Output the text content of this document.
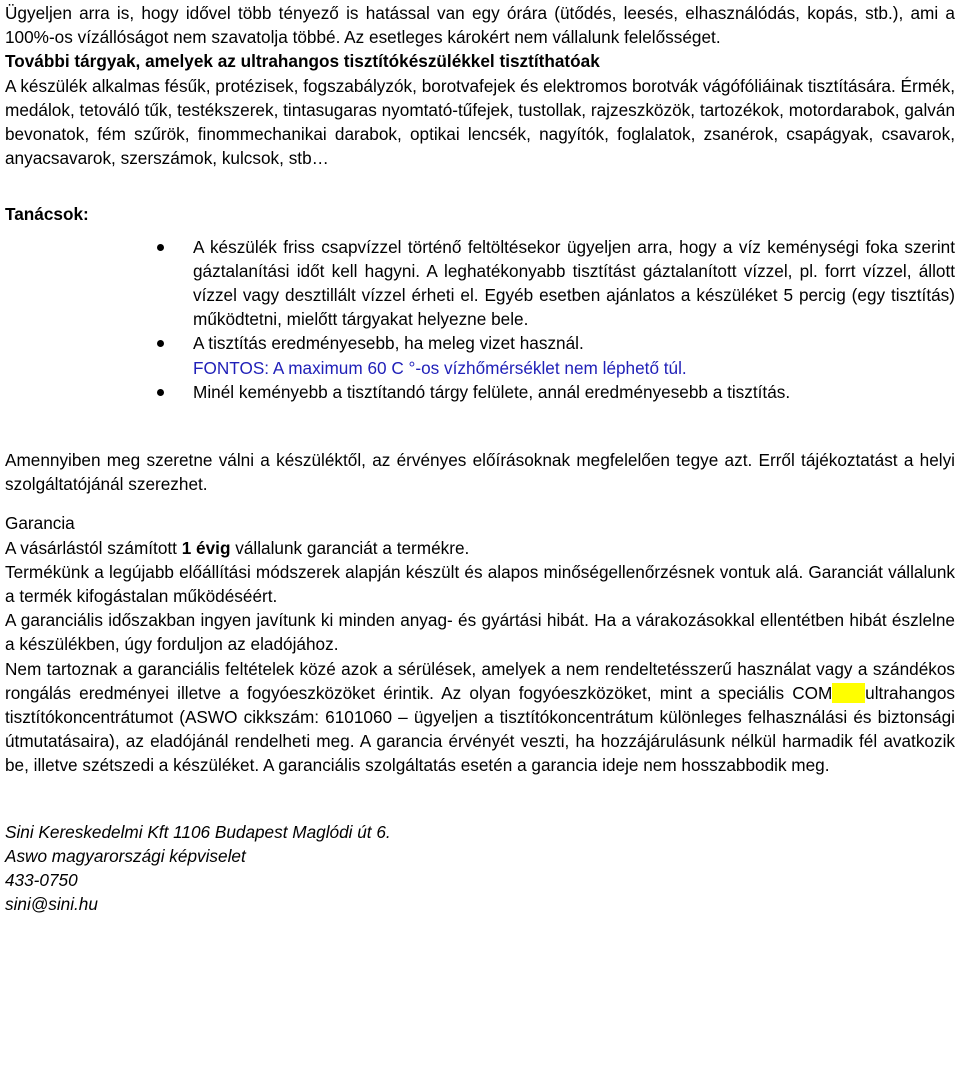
Ügyeljen arra is, hogy idővel több tényező is hatással van egy órára (ütődés, leesés, elhasználódás, kopás, stb.), ami a 100%-os vízállóságot nem szavatolja többé. Az esetleges károkért nem vállalunk felelősséget.

További tárgyak, amelyek az ultrahangos tisztítókészülékkel tisztíthatóak

A készülék alkalmas fésűk, protézisek, fogszabályzók, borotvafejek és elektromos borotvák vágófóliáinak tisztítására. Érmék, medálok, tetováló tűk, testékszerek, tintasugaras nyomtató-tűfejek, tustollak, rajzeszközök, tartozékok, motordarabok, galván bevonatok, fém szűrök, finommechanikai darabok, optikai lencsék, nagyítók, foglalatok, zsanérok, csapágyak, csavarok, anyacsavarok, szerszámok, kulcsok, stb…

Tanácsok:

A készülék friss csapvízzel történő feltöltésekor ügyeljen arra, hogy a víz keménységi foka szerint gáztalanítási időt kell hagyni. A leghatékonyabb tisztítást gáztalanított vízzel, pl. forrt vízzel, állott vízzel vagy desztillált vízzel érheti el. Egyéb esetben ajánlatos a készüléket 5 percig (egy tisztítás) működtetni, mielőtt tárgyakat helyezne bele.
A tisztítás eredményesebb, ha meleg vizet használ.
FONTOS: A maximum 60 C °-os vízhőmérséklet nem léphető túl.
Minél keményebb a tisztítandó tárgy felülete, annál eredményesebb a tisztítás.

Amennyiben meg szeretne válni a készüléktől, az érvényes előírásoknak megfelelően tegye azt. Erről tájékoztatást a helyi szolgáltatójánál szerezhet.

Garancia

A vásárlástól számított 1 évig vállalunk garanciát a termékre.

Termékünk a legújabb előállítási módszerek alapján készült és alapos minőségellenőrzésnek vontuk alá. Garanciát vállalunk a termék kifogástalan működéséért.

A garanciális időszakban ingyen javítunk ki minden anyag- és gyártási hibát. Ha a várakozásokkal ellentétben hibát észlelne a készülékben, úgy forduljon az eladójához.

Nem tartoznak a garanciális feltételek közé azok a sérülések, amelyek a nem rendeltetésszerű használat vagy a szándékos rongálás eredményei illetve a fogyóeszközöket érintik. Az olyan fogyóeszközöket, mint a speciális COM ultrahangos tisztítókoncentrátumot (ASWO cikkszám: 6101060 – ügyeljen a tisztítókoncentrátum különleges felhasználási és biztonsági útmutatásaira), az eladójánál rendelheti meg. A garancia érvényét veszti, ha hozzájárulásunk nélkül harmadik fél avatkozik be, illetve szétszedi a készüléket. A garanciális szolgáltatás esetén a garancia ideje nem hosszabbodik meg.

Sini Kereskedelmi Kft 1106 Budapest Maglódi út 6.

Aswo magyarországi képviselet

433-0750

sini@sini.hu
